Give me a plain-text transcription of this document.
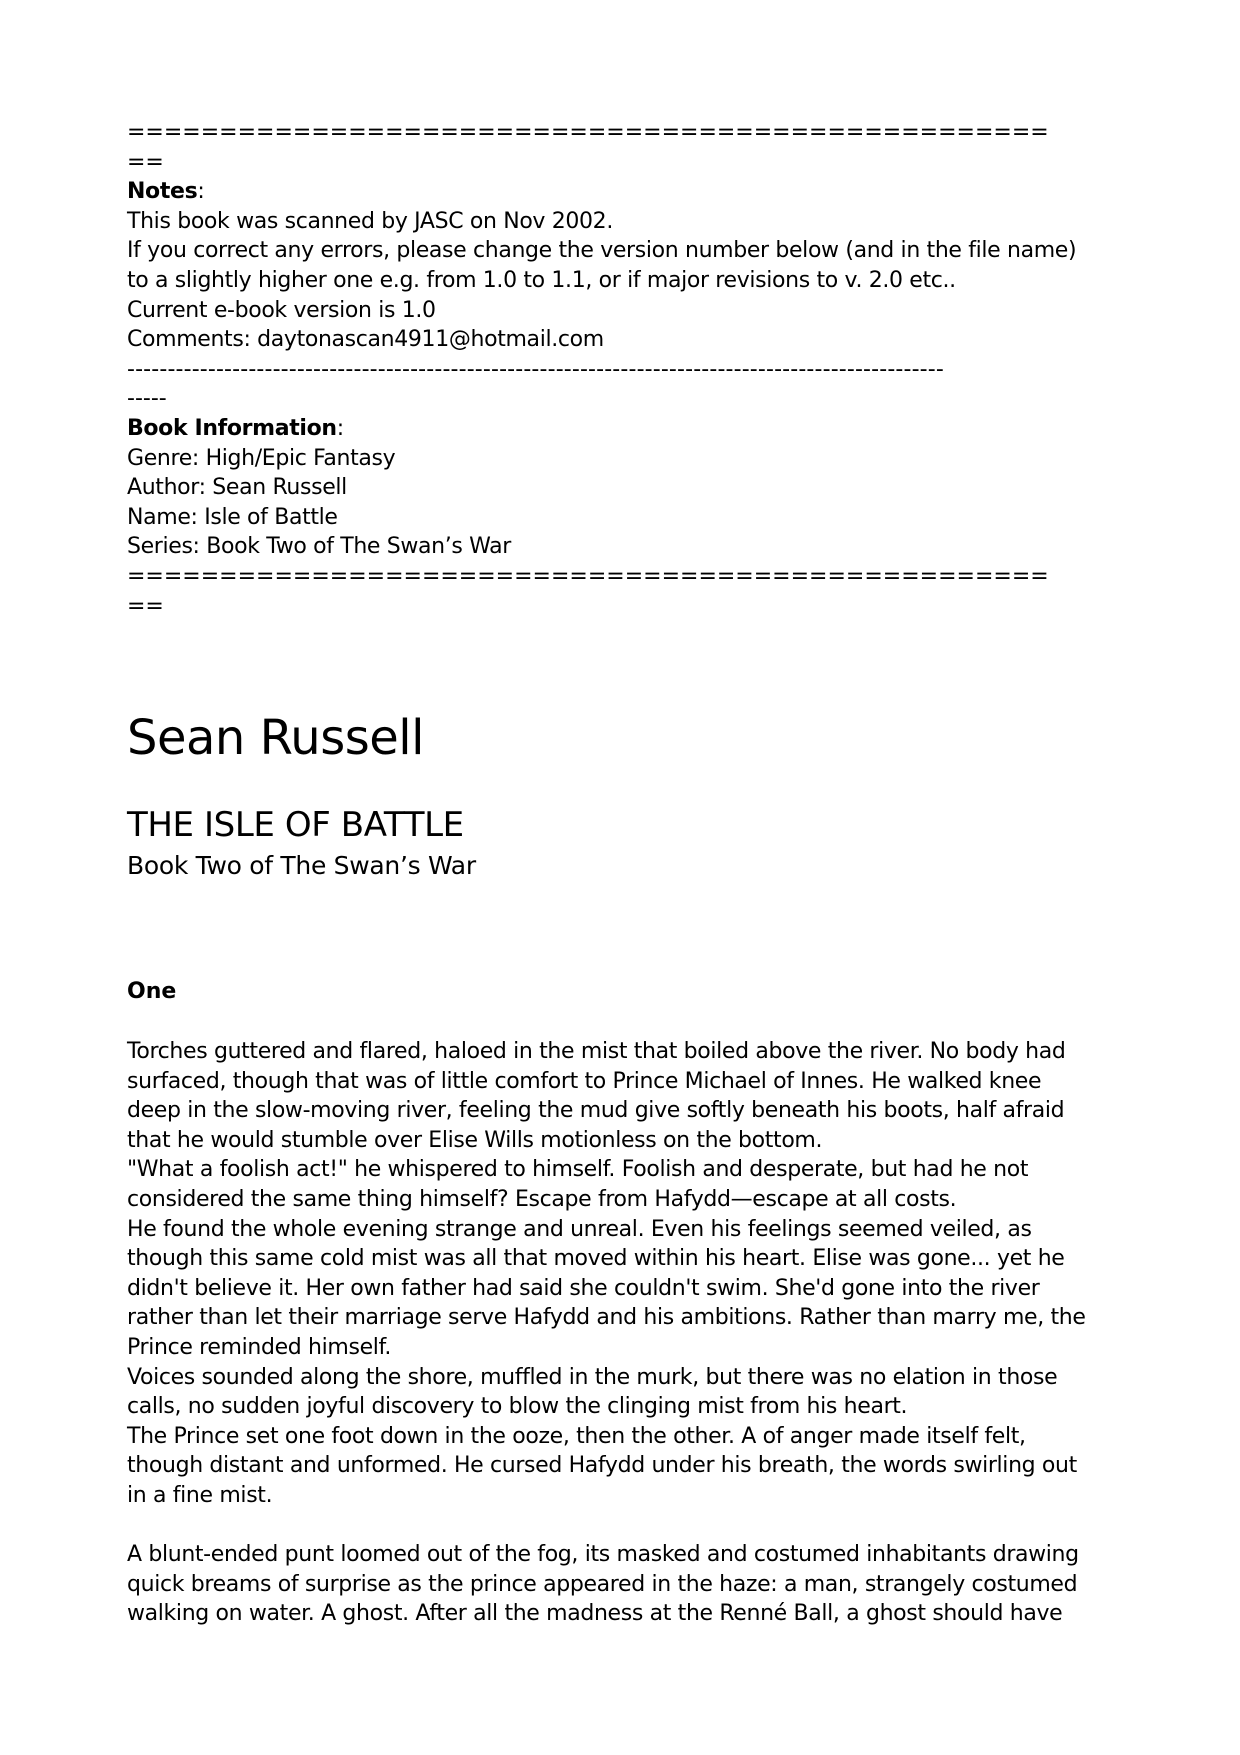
==================================================
==
Notes:
This book was scanned by JASC on Nov 2002.
If you correct any errors, please change the version number below (and in the file name)
to a slightly higher one e.g. from 1.0 to 1.1, or if major revisions to v. 2.0 etc..
Current e-book version is 1.0
Comments: daytonascan4911@hotmail.com
-----------------------------------------------------------------------------------------------------
-----
Book Information:
Genre: High/Epic Fantasy
Author: Sean Russell
Name: Isle of Battle
Series: Book Two of The Swan’s War
==================================================
==
Sean Russell
THE ISLE OF BATTLE
Book Two of The Swan’s War
One
Torches guttered and flared, haloed in the mist that boiled above the river. No body had
surfaced, though that was of little comfort to Prince Michael of Innes. He walked knee
deep in the slow-moving river, feeling the mud give softly beneath his boots, half afraid
that he would stumble over Elise Wills motionless on the bottom.
"What a foolish act!" he whispered to himself. Foolish and desperate, but had he not
considered the same thing himself? Escape from Hafydd—escape at all costs.
He found the whole evening strange and unreal. Even his feelings seemed veiled, as
though this same cold mist was all that moved within his heart. Elise was gone... yet he
didn't believe it. Her own father had said she couldn't swim. She'd gone into the river
rather than let their marriage serve Hafydd and his ambitions. Rather than marry me, the
Prince reminded himself.
Voices sounded along the shore, muffled in the murk, but there was no elation in those
calls, no sudden joyful discovery to blow the clinging mist from his heart.
The Prince set one foot down in the ooze, then the other. A of anger made itself felt,
though distant and unformed. He cursed Hafydd under his breath, the words swirling out
in a fine mist.
A blunt-ended punt loomed out of the fog, its masked and costumed inhabitants drawing
quick breams of surprise as the prince appeared in the haze: a man, strangely costumed
walking on water. A ghost. After all the madness at the Renné Ball, a ghost should have
